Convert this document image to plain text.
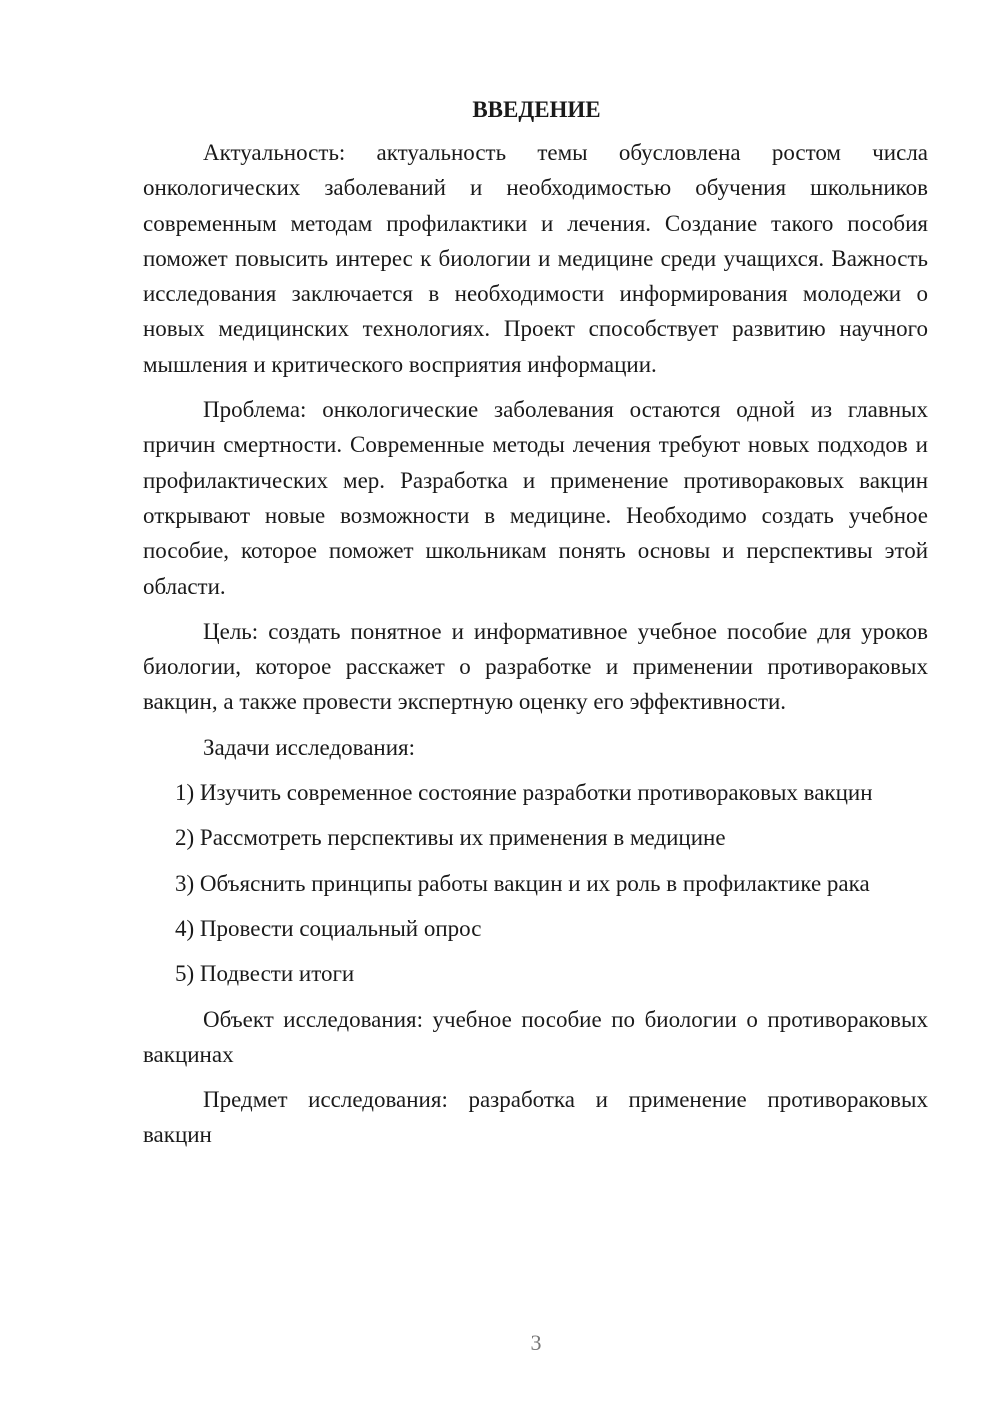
ВВЕДЕНИЕ

Актуальность: актуальность темы обусловлена ростом числа онкологических заболеваний и необходимостью обучения школьников современным методам профилактики и лечения. Создание такого пособия поможет повысить интерес к биологии и медицине среди учащихся. Важность исследования заключается в необходимости информирования молодежи о новых медицинских технологиях. Проект способствует развитию научного мышления и критического восприятия информации.

Проблема: онкологические заболевания остаются одной из главных причин смертности. Современные методы лечения требуют новых подходов и профилактических мер. Разработка и применение противораковых вакцин открывают новые возможности в медицине. Необходимо создать учебное пособие, которое поможет школьникам понять основы и перспективы этой области.

Цель: создать понятное и информативное учебное пособие для уроков биологии, которое расскажет о разработке и применении противораковых вакцин, а также провести экспертную оценку его эффективности.

Задачи исследования:

1) Изучить современное состояние разработки противораковых вакцин

2) Рассмотреть перспективы их применения в медицине

3) Объяснить принципы работы вакцин и их роль в профилактике рака

4) Провести социальный опрос

5) Подвести итоги

Объект исследования: учебное пособие по биологии о противораковых вакцинах

Предмет исследования: разработка и применение противораковых вакцин

3
